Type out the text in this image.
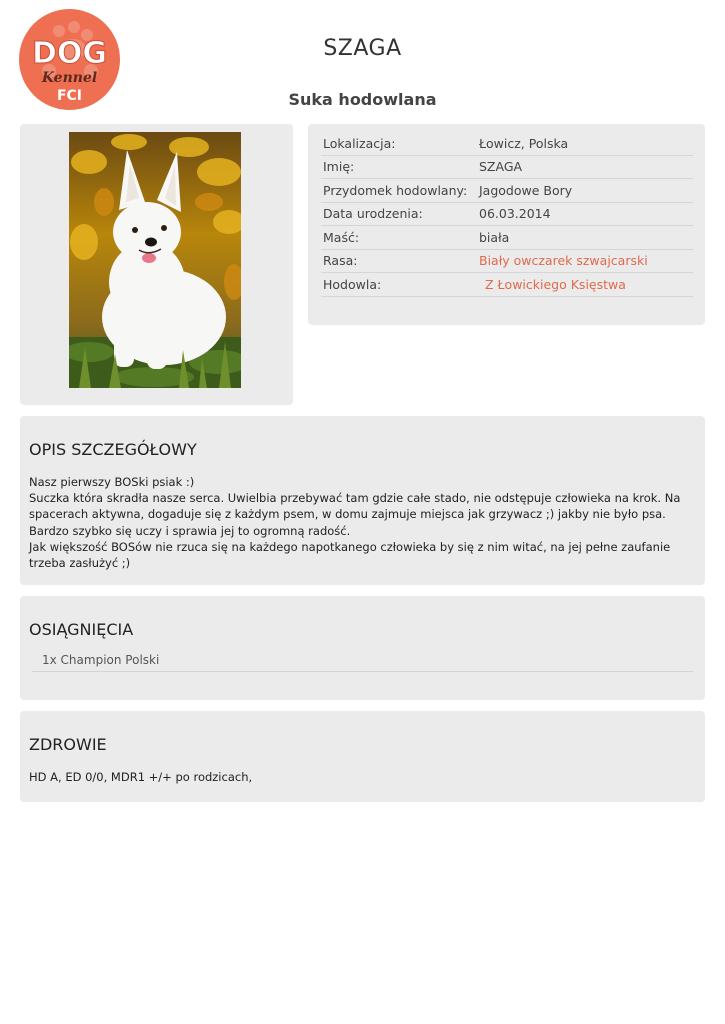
DOG
Kennel
FCI
SZAGA
Suka hodowlana
Lokalizacja:	Łowicz, Polska
Imię:	SZAGA
Przydomek hodowlany:	Jagodowe Bory
Data urodzenia:	06.03.2014
Maść:	biała
Rasa:	Biały owczarek szwajcarski
Hodowla:	Z Łowickiego Księstwa
OPIS SZCZEGÓŁOWY
Nasz pierwszy BOSki psiak :)
Suczka która skradła nasze serca. Uwielbia przebywać tam gdzie całe stado, nie odstępuje człowieka na krok. Na spacerach aktywna, dogaduje się z każdym psem, w domu zajmuje miejsca jak grzywacz ;) jakby nie było psa.
Bardzo szybko się uczy i sprawia jej to ogromną radość.
Jak większość BOSów nie rzuca się na każdego napotkanego człowieka by się z nim witać, na jej pełne zaufanie trzeba zasłużyć ;)
OSIĄGNIĘCIA
1x Champion Polski
ZDROWIE
HD A, ED 0/0, MDR1 +/+ po rodzicach,
